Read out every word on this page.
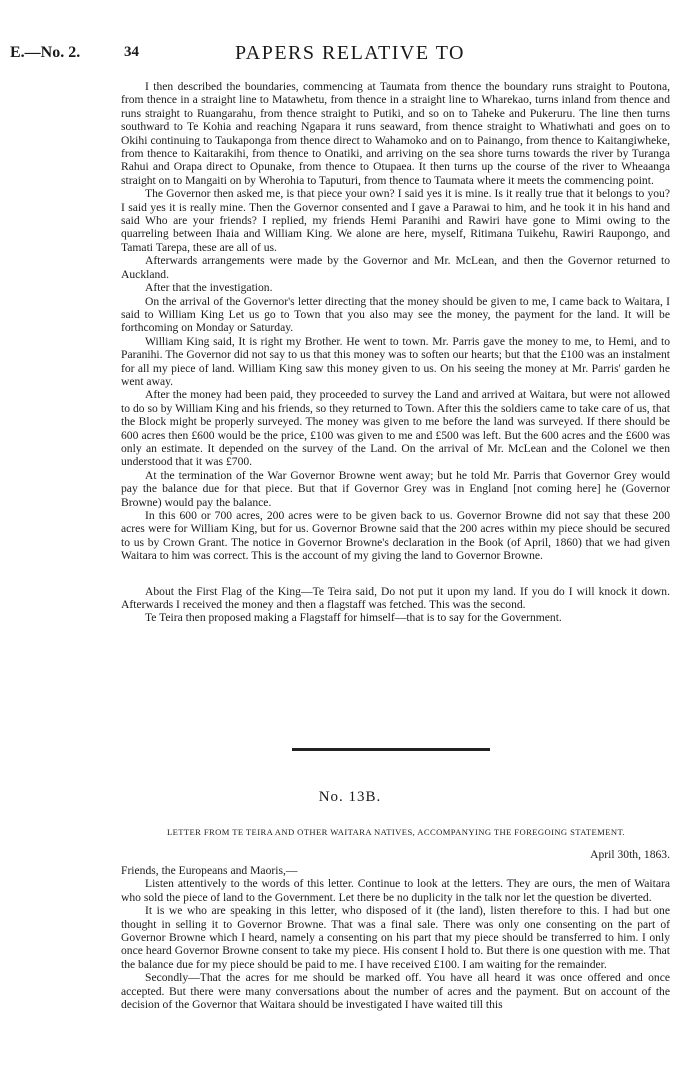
E.—No. 2.	34	PAPERS RELATIVE TO

I then described the boundaries, commencing at Taumata from thence the boundary runs straight to Poutona, from thence in a straight line to Matawhetu, from thence in a straight line to Wharekao, turns inland from thence and runs straight to Ruangarahu, from thence straight to Putiki, and so on to Taheke and Pukeruru. The line then turns southward to Te Kohia and reaching Ngapara it runs seaward, from thence straight to Whatiwhati and goes on to Okihi continuing to Taukaponga from thence direct to Wahamoko and on to Painango, from thence to Kaitangiwheke, from thence to Kaitarakihi, from thence to Onatiki, and arriving on the sea shore turns towards the river by Turanga Rahui and Orapa direct to Opunake, from thence to Otupaea. It then turns up the course of the river to Wheaanga straight on to Mangaiti on by Wherohia to Taputuri, from thence to Taumata where it meets the commencing point.

The Governor then asked me, is that piece your own? I said yes it is mine. Is it really true that it belongs to you? I said yes it is really mine. Then the Governor consented and I gave a Parawai to him, and he took it in his hand and said Who are your friends? I replied, my friends Hemi Paranihi and Rawiri have gone to Mimi owing to the quarreling between Ihaia and William King. We alone are here, myself, Ritimana Tuikehu, Rawiri Raupongo, and Tamati Tarepa, these are all of us.

Afterwards arrangements were made by the Governor and Mr. McLean, and then the Governor returned to Auckland.

After that the investigation.

On the arrival of the Governor's letter directing that the money should be given to me, I came back to Waitara, I said to William King Let us go to Town that you also may see the money, the payment for the land. It will be forthcoming on Monday or Saturday.

William King said, It is right my Brother. He went to town. Mr. Parris gave the money to me, to Hemi, and to Paranihi. The Governor did not say to us that this money was to soften our hearts; but that the £100 was an instalment for all my piece of land. William King saw this money given to us. On his seeing the money at Mr. Parris' garden he went away.

After the money had been paid, they proceeded to survey the Land and arrived at Waitara, but were not allowed to do so by William King and his friends, so they returned to Town. After this the soldiers came to take care of us, that the Block might be properly surveyed. The money was given to me before the land was surveyed. If there should be 600 acres then £600 would be the price, £100 was given to me and £500 was left. But the 600 acres and the £600 was only an estimate. It depended on the survey of the Land. On the arrival of Mr. McLean and the Colonel we then understood that it was £700.

At the termination of the War Governor Browne went away; but he told Mr. Parris that Governor Grey would pay the balance due for that piece. But that if Governor Grey was in England [not coming here] he (Governor Browne) would pay the balance.

In this 600 or 700 acres, 200 acres were to be given back to us. Governor Browne did not say that these 200 acres were for William King, but for us. Governor Browne said that the 200 acres within my piece should be secured to us by Crown Grant. The notice in Governor Browne's declaration in the Book (of April, 1860) that we had given Waitara to him was correct. This is the account of my giving the land to Governor Browne.

About the First Flag of the King—Te Teira said, Do not put it upon my land. If you do I will knock it down. Afterwards I received the money and then a flagstaff was fetched. This was the second.

Te Teira then proposed making a Flagstaff for himself—that is to say for the Government.

No. 13B.
LETTER FROM TE TEIRA AND OTHER WAITARA NATIVES, ACCOMPANYING THE FOREGOING STATEMENT.

April 30th, 1863.

Friends, the Europeans and Maoris,—

Listen attentively to the words of this letter. Continue to look at the letters. They are ours, the men of Waitara who sold the piece of land to the Government. Let there be no duplicity in the talk nor let the question be diverted.

It is we who are speaking in this letter, who disposed of it (the land), listen therefore to this. I had but one thought in selling it to Governor Browne. That was a final sale. There was only one consenting on the part of Governor Browne which I heard, namely a consenting on his part that my piece should be transferred to him. I only once heard Governor Browne consent to take my piece. His consent I hold to. But there is one question with me. That the balance due for my piece should be paid to me. I have received £100. I am waiting for the remainder.

Secondly—That the acres for me should be marked off. You have all heard it was once offered and once accepted. But there were many conversations about the number of acres and the payment. But on account of the decision of the Governor that Waitara should be investigated I have waited till this
